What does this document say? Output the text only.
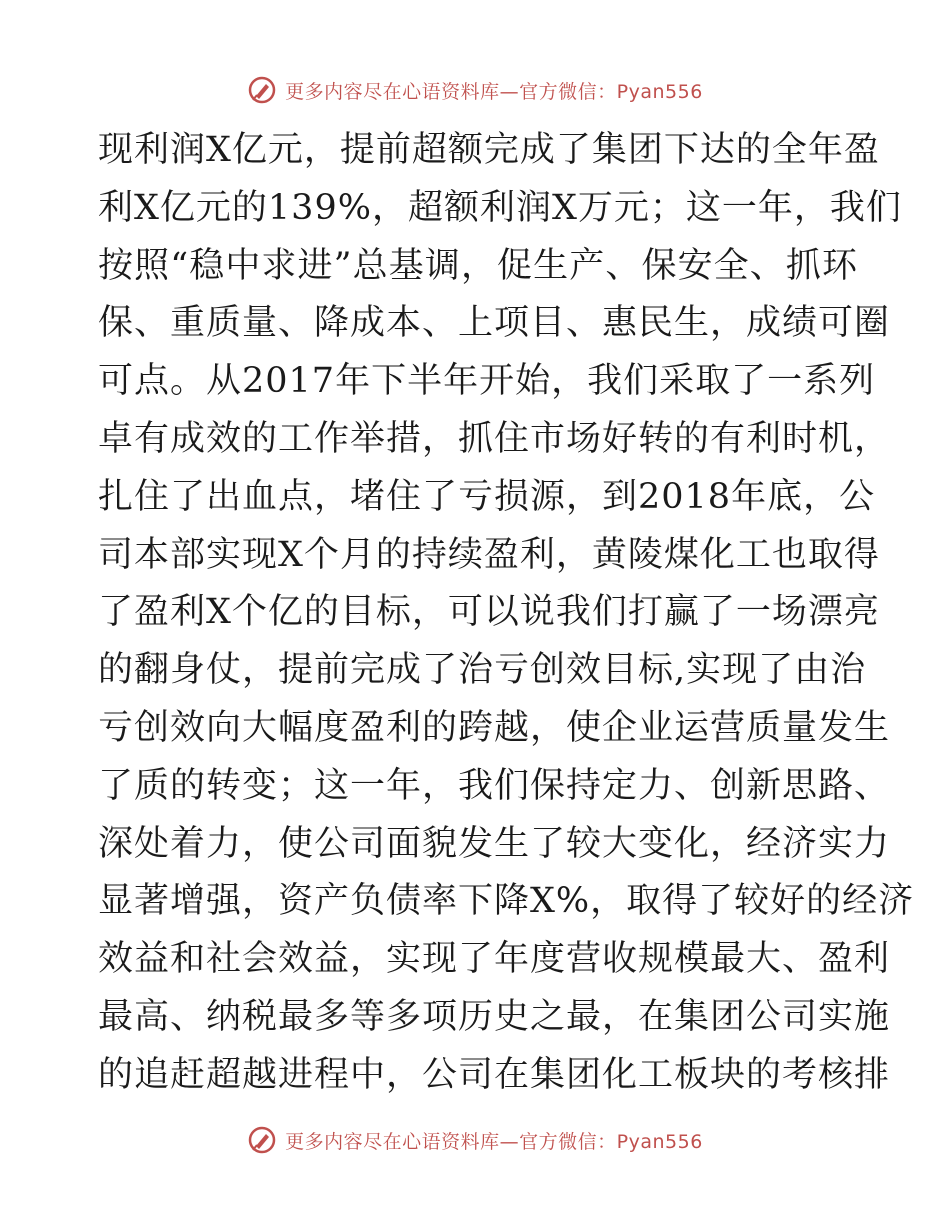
更多内容尽在心语资料库—官方微信：Pyan556
现利润X亿元，提前超额完成了集团下达的全年盈
利X亿元的139%，超额利润X万元；这一年，我们
按照“稳中求进”总基调，促生产、保安全、抓环
保、重质量、降成本、上项目、惠民生，成绩可圈
可点。从2017年下半年开始，我们采取了一系列
卓有成效的工作举措，抓住市场好转的有利时机，
扎住了出血点，堵住了亏损源，到2018年底，公
司本部实现X个月的持续盈利，黄陵煤化工也取得
了盈利X个亿的目标，可以说我们打赢了一场漂亮
的翻身仗，提前完成了治亏创效目标,实现了由治
亏创效向大幅度盈利的跨越，使企业运营质量发生
了质的转变；这一年，我们保持定力、创新思路、
深处着力，使公司面貌发生了较大变化，经济实力
显著增强，资产负债率下降X%，取得了较好的经济
效益和社会效益，实现了年度营收规模最大、盈利
最高、纳税最多等多项历史之最，在集团公司实施
的追赶超越进程中，公司在集团化工板块的考核排
更多内容尽在心语资料库—官方微信：Pyan556
